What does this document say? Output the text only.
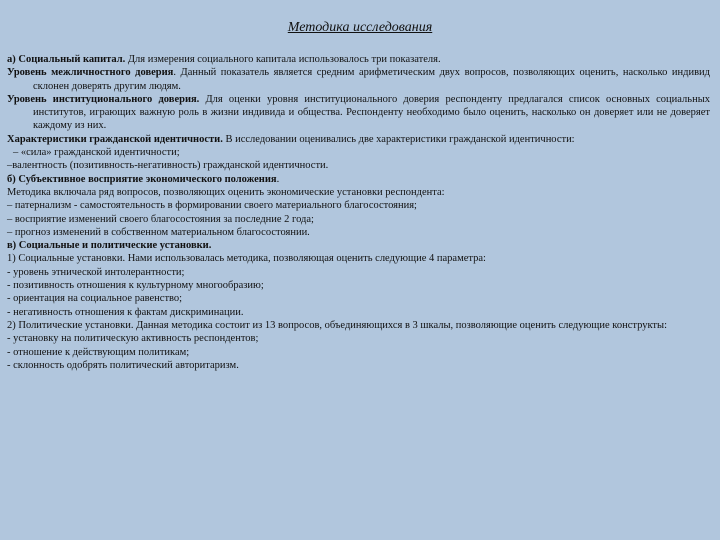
Методика исследования

а) Социальный капитал. Для измерения социального капитала использовалось три показателя.

Уровень межличностного доверия. Данный показатель является средним арифметическим двух вопросов, позволяющих оценить, насколько индивид склонен доверять другим людям.

Уровень институционального доверия. Для оценки уровня институционального доверия респонденту предлагался список основных социальных институтов, играющих важную роль в жизни индивида и общества. Респонденту необходимо было оценить, насколько он доверяет или не доверяет каждому из них.

Характеристики гражданской идентичности. В исследовании оценивались две характеристики гражданской идентичности:

– «сила» гражданской идентичности;

–валентность (позитивность-негативность) гражданской идентичности.

б) Субъективное восприятие экономического положения.

Методика включала ряд вопросов, позволяющих оценить экономические установки респондента:

– патернализм - самостоятельность в формировании своего материального благосостояния;

– восприятие изменений своего благосостояния за последние 2 года;

– прогноз изменений в собственном материальном благосостоянии.

в) Социальные и политические установки.

1) Социальные установки. Нами использовалась методика, позволяющая оценить следующие 4 параметра:

- уровень этнической интолерантности;

- позитивность отношения к культурному многообразию;

- ориентация на социальное равенство;

- негативность отношения к фактам дискриминации.

2) Политические установки. Данная методика состоит из 13 вопросов, объединяющихся в 3 шкалы, позволяющие оценить следующие конструкты:

- установку на политическую активность респондентов;

- отношение к действующим политикам;

- склонность одобрять политический авторитаризм.
